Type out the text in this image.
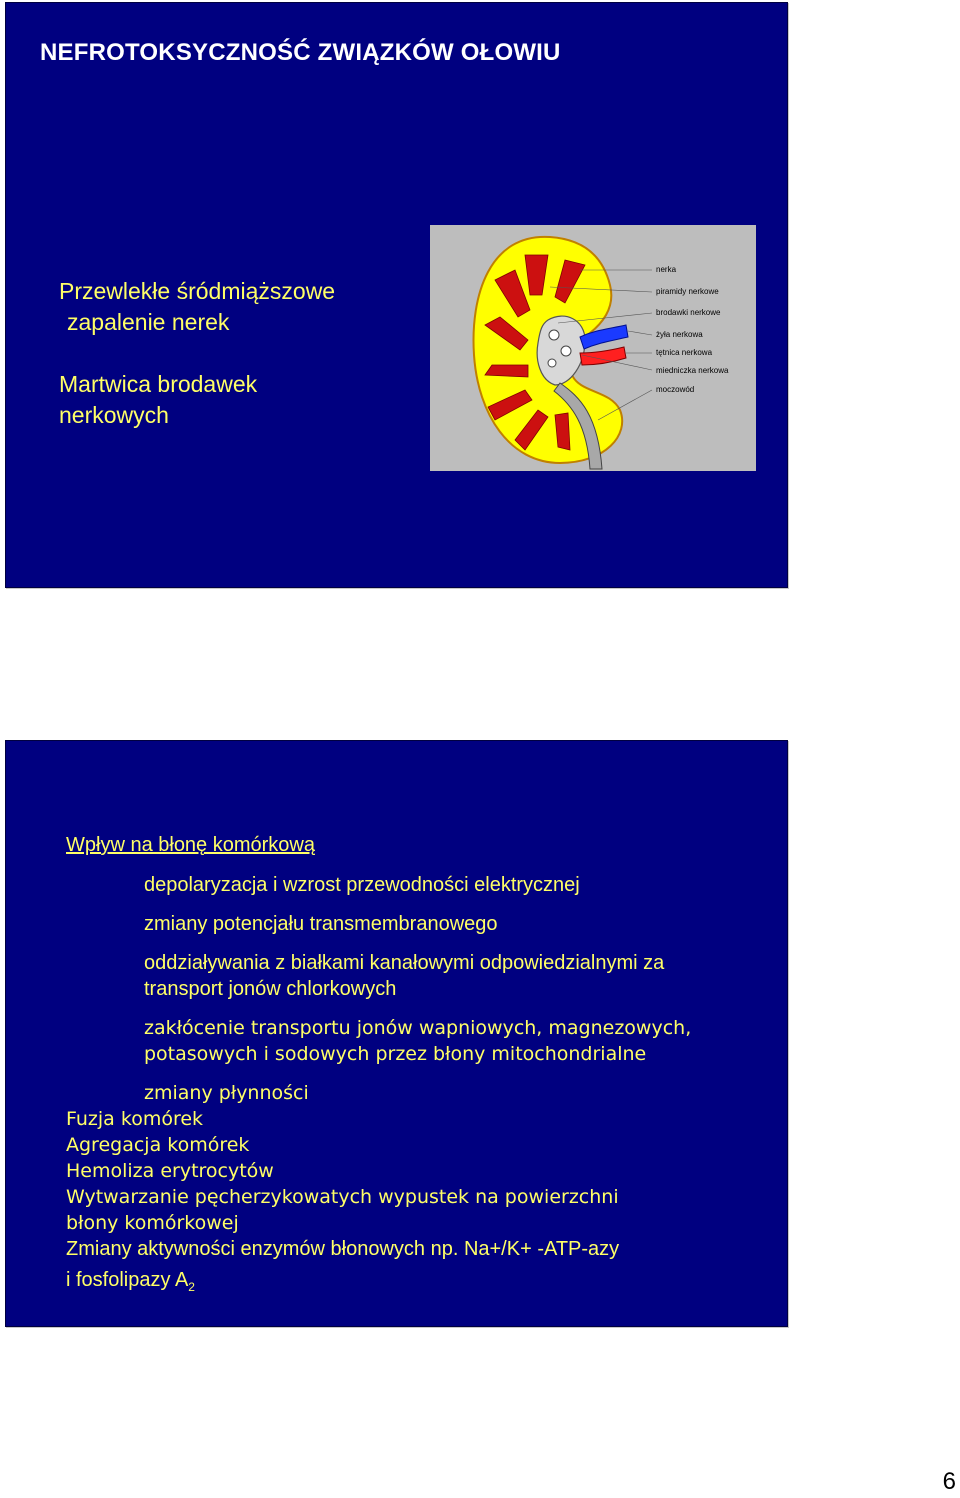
NEFROTOKSYCZNOŚĆ ZWIĄZKÓW OŁOWIU
Przewlekłe śródmiąższowe
zapalenie nerek
Martwica brodawek
nerkowych
nerka
piramidy nerkowe
brodawki nerkowe
żyła nerkowa
tętnica nerkowa
miedniczka nerkowa
moczowód
Wpływ na błonę komórkową
depolaryzacja i wzrost przewodności elektrycznej
zmiany potencjału transmembranowego
oddziaływania z białkami kanałowymi odpowiedzialnymi za
transport jonów chlorkowych
zakłócenie transportu jonów wapniowych, magnezowych,
potasowych i sodowych przez błony mitochondrialne
zmiany płynności
Fuzja komórek
Agregacja komórek
Hemoliza erytrocytów
Wytwarzanie pęcherzykowatych wypustek na powierzchni
błony komórkowej
Zmiany aktywności enzymów błonowych np. Na+/K+ -ATP-azy
i fosfolipazy $A_2$
6
